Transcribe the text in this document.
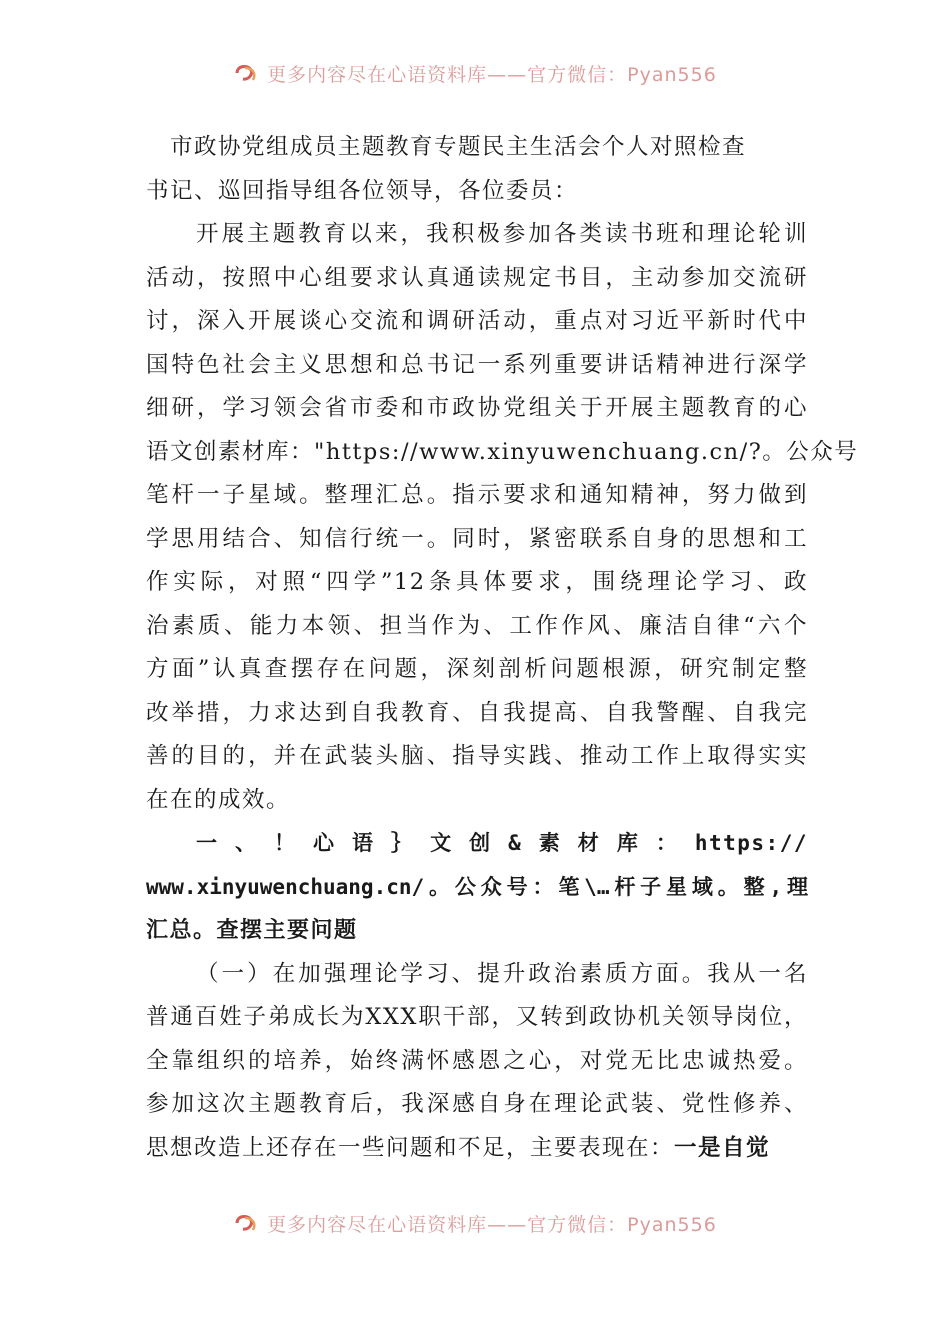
更多内容尽在心语资料库——官方微信：Pyan556
市政协党组成员主题教育专题民主生活会个人对照检查
书记、巡回指导组各位领导，各位委员：
开展主题教育以来，我积极参加各类读书班和理论轮训
活动，按照中心组要求认真通读规定书目，主动参加交流研
讨，深入开展谈心交流和调研活动，重点对习近平新时代中
国特色社会主义思想和总书记一系列重要讲话精神进行深学
细研，学习领会省市委和市政协党组关于开展主题教育的心
语文创素材库："https://www.xinyuwenchuang.cn/?。公众号
笔杆一子星域。整理汇总。指示要求和通知精神，努力做到
学思用结合、知信行统一。同时，紧密联系自身的思想和工
作实际，对照“四学”12条具体要求，围绕理论学习、政
治素质、能力本领、担当作为、工作作风、廉洁自律“六个
方面”认真查摆存在问题，深刻剖析问题根源，研究制定整
改举措，力求达到自我教育、自我提高、自我警醒、自我完
善的目的，并在武装头脑、指导实践、推动工作上取得实实
在在的成效。
一、！心语｝文创&素材库：https://
www.xinyuwenchuang.cn/。公众号：笔\…杆子星域。整,理
汇总。查摆主要问题
（一）在加强理论学习、提升政治素质方面。我从一名
普通百姓子弟成长为XXX职干部，又转到政协机关领导岗位，
全靠组织的培养，始终满怀感恩之心，对党无比忠诚热爱。
参加这次主题教育后，我深感自身在理论武装、党性修养、
思想改造上还存在一些问题和不足，主要表现在：一是自觉
更多内容尽在心语资料库——官方微信：Pyan556
